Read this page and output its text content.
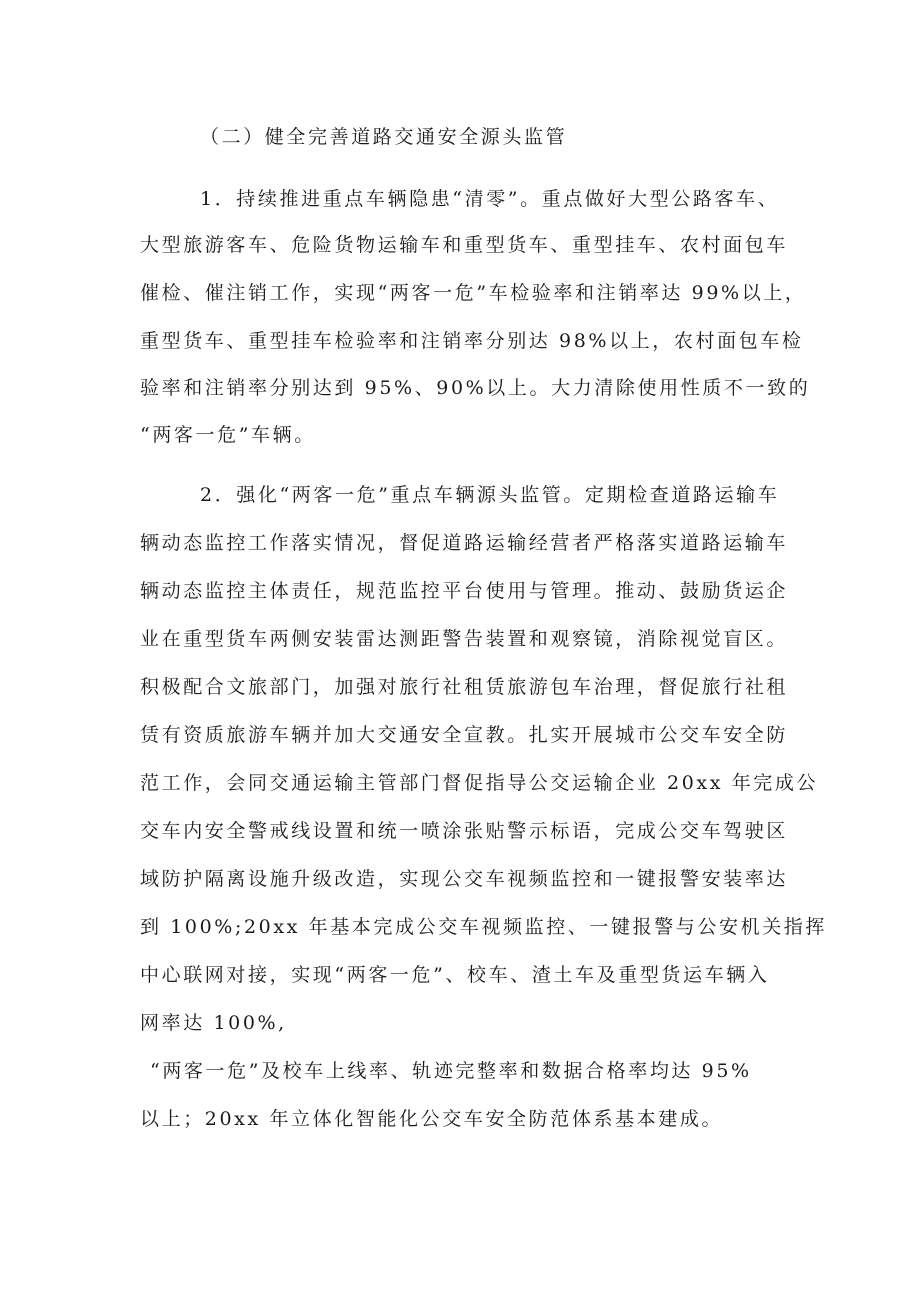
（二）健全完善道路交通安全源头监管
1．持续推进重点车辆隐患“清零”。重点做好大型公路客车、
大型旅游客车、危险货物运输车和重型货车、重型挂车、农村面包车
催检、催注销工作，实现“两客一危”车检验率和注销率达 99%以上，
重型货车、重型挂车检验率和注销率分别达 98%以上，农村面包车检
验率和注销率分别达到 95%、90%以上。大力清除使用性质不一致的
“两客一危”车辆。
2．强化“两客一危”重点车辆源头监管。定期检查道路运输车
辆动态监控工作落实情况，督促道路运输经营者严格落实道路运输车
辆动态监控主体责任，规范监控平台使用与管理。推动、鼓励货运企
业在重型货车两侧安装雷达测距警告装置和观察镜，消除视觉盲区。
积极配合文旅部门，加强对旅行社租赁旅游包车治理，督促旅行社租
赁有资质旅游车辆并加大交通安全宣教。扎实开展城市公交车安全防
范工作，会同交通运输主管部门督促指导公交运输企业 20xx 年完成公
交车内安全警戒线设置和统一喷涂张贴警示标语，完成公交车驾驶区
域防护隔离设施升级改造，实现公交车视频监控和一键报警安装率达
到 100%;20xx 年基本完成公交车视频监控、一键报警与公安机关指挥
中心联网对接，实现“两客一危”、校车、渣土车及重型货运车辆入
网率达 100%,
“两客一危”及校车上线率、轨迹完整率和数据合格率均达 95%
以上；20xx 年立体化智能化公交车安全防范体系基本建成。
